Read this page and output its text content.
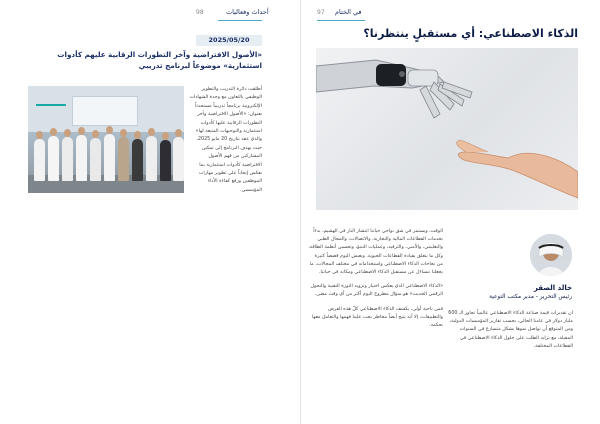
98	أحداث وفعاليات
2025/05/20
«الأصول الافتراضية وآخر التطورات الرقابية عليهم كأدوات استثمارية» موضوعاً لبرنامج تدريبي

أطلقت دائرة التدريب والتطوير الوظيفي بالتعاون مع وحدة الشهادات الإلكترونية برنامجاً تدريبياً مستحدثاً بعنوان: «الأصول الافتراضية وآخر التطورات الرقابية عليها كأدوات استثمارية والتوجيهات المتبعة لها» والذي عقد بتاريخ 20 مايو 2025، حيث يهدف البرنامج إلى تمكين المشاركين من فهم الأصول الافتراضية كأدوات استثمارية بما يعكس إيجاباً على تطوير مهارات الموظفين ورفع كفاءة الأداء المؤسسي.

97 في الختام
الذكاء الاصطناعي: أي مستقبلٍ ينتظرنا؟

الوقت، ويستمر في شق نواحي حياتنا انتشار النار في الهشيم، بدءاً بخدمات القطاعات المالية والتجارية، والاتصالات، والمجال الطبي والتعليمي، والأمني، والترفيه، وعمليات التنبؤ، وتحسين أنظمة الطاقة، وكل ما يتعلق بقيادة القطاعات الحيوية. ونعيش اليوم قصصاً كثيرة من نجاحات الذكاء الاصطناعي واستخداماته في مختلف المجالات، ما يجعلنا نتساءل عن مستقبل الذكاء الاصطناعي ومكانه في حياتنا.

«الذكاء الاصطناعي الذي يعكس اختيار وتزويد الثورة التقنية والتحول الرقمي الحديث» هو سؤال مطروح اليوم أكثر من أي وقت مضى.

فمن ناحية أولى، يكشف الذكاء الاصطناعي كلّ هذه الفرص والتطبيقات، إلا أنه يتيح أيضاً مخاطر يجب علينا فهمها والتعامل معها بحكمة.

خالد الصقر
رئيس التحرير - مدير مكتب التوعية

ان تقديرات قيمة صناعة الذكاء الاصطناعي عالمياً تجاوز الـ 600 مليار دولار في عامنا الحالي، بحسب تقارير المؤسسات الدولية، ومن المتوقع أن تواصل نموها بشكل متسارع في السنوات المقبلة، مع تزايد الطلب على حلول الذكاء الاصطناعي في القطاعات المختلفة.
